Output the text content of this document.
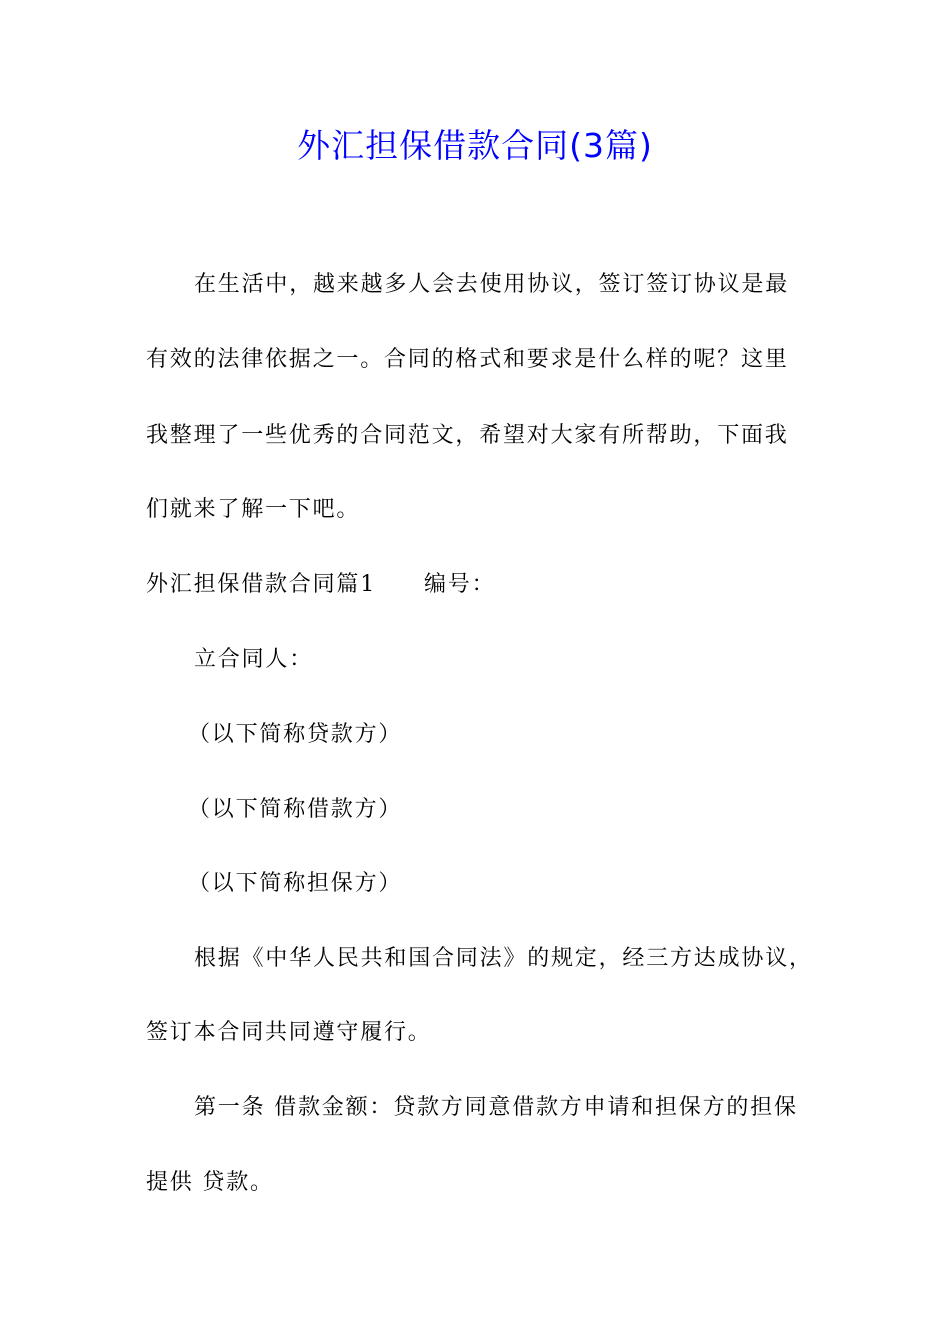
外汇担保借款合同(3篇)
在生活中，越来越多人会去使用协议，签订签订协议是最
有效的法律依据之一。合同的格式和要求是什么样的呢？这里
我整理了一些优秀的合同范文，希望对大家有所帮助，下面我
们就来了解一下吧。
外汇担保借款合同篇1 编号：
立合同人：
（以下简称贷款方）
（以下简称借款方）
（以下简称担保方）
根据《中华人民共和国合同法》的规定，经三方达成协议，
签订本合同共同遵守履行。
第一条 借款金额：贷款方同意借款方申请和担保方的担保
提供 贷款。
